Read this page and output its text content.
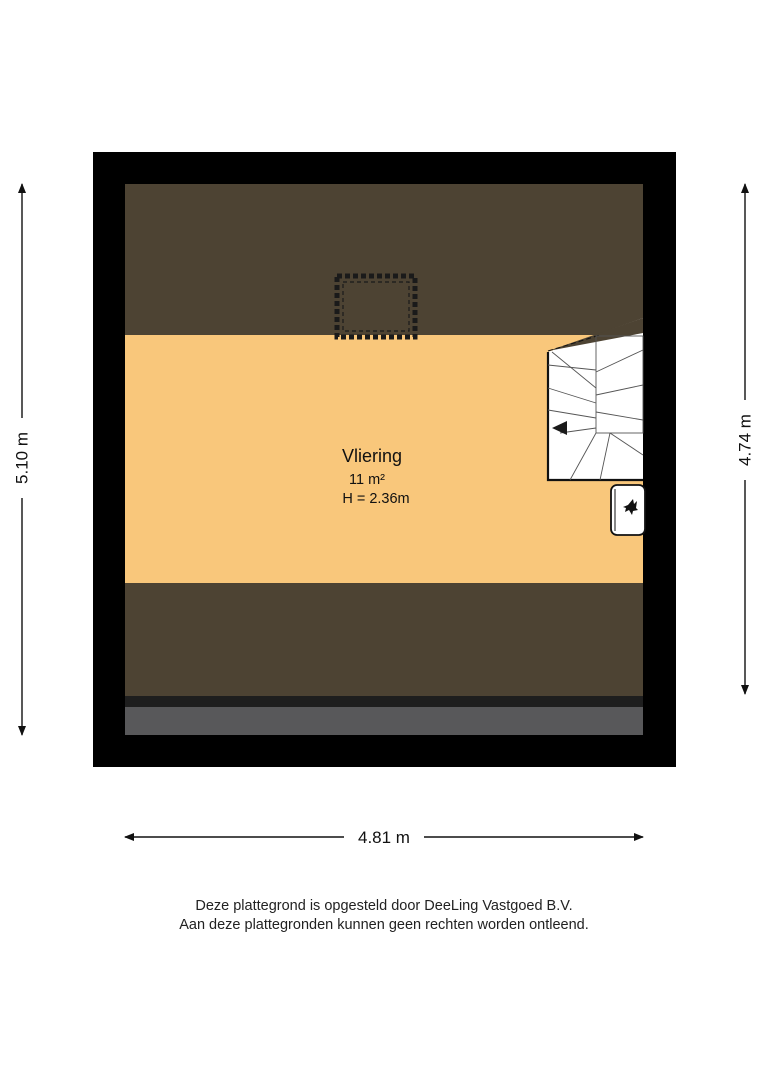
Vliering
11 m²
H = 2.36m
5.10 m	4.74 m
4.81 m
Deze plattegrond is opgesteld door DeeLing Vastgoed B.V.
Aan deze plattegronden kunnen geen rechten worden ontleend.
